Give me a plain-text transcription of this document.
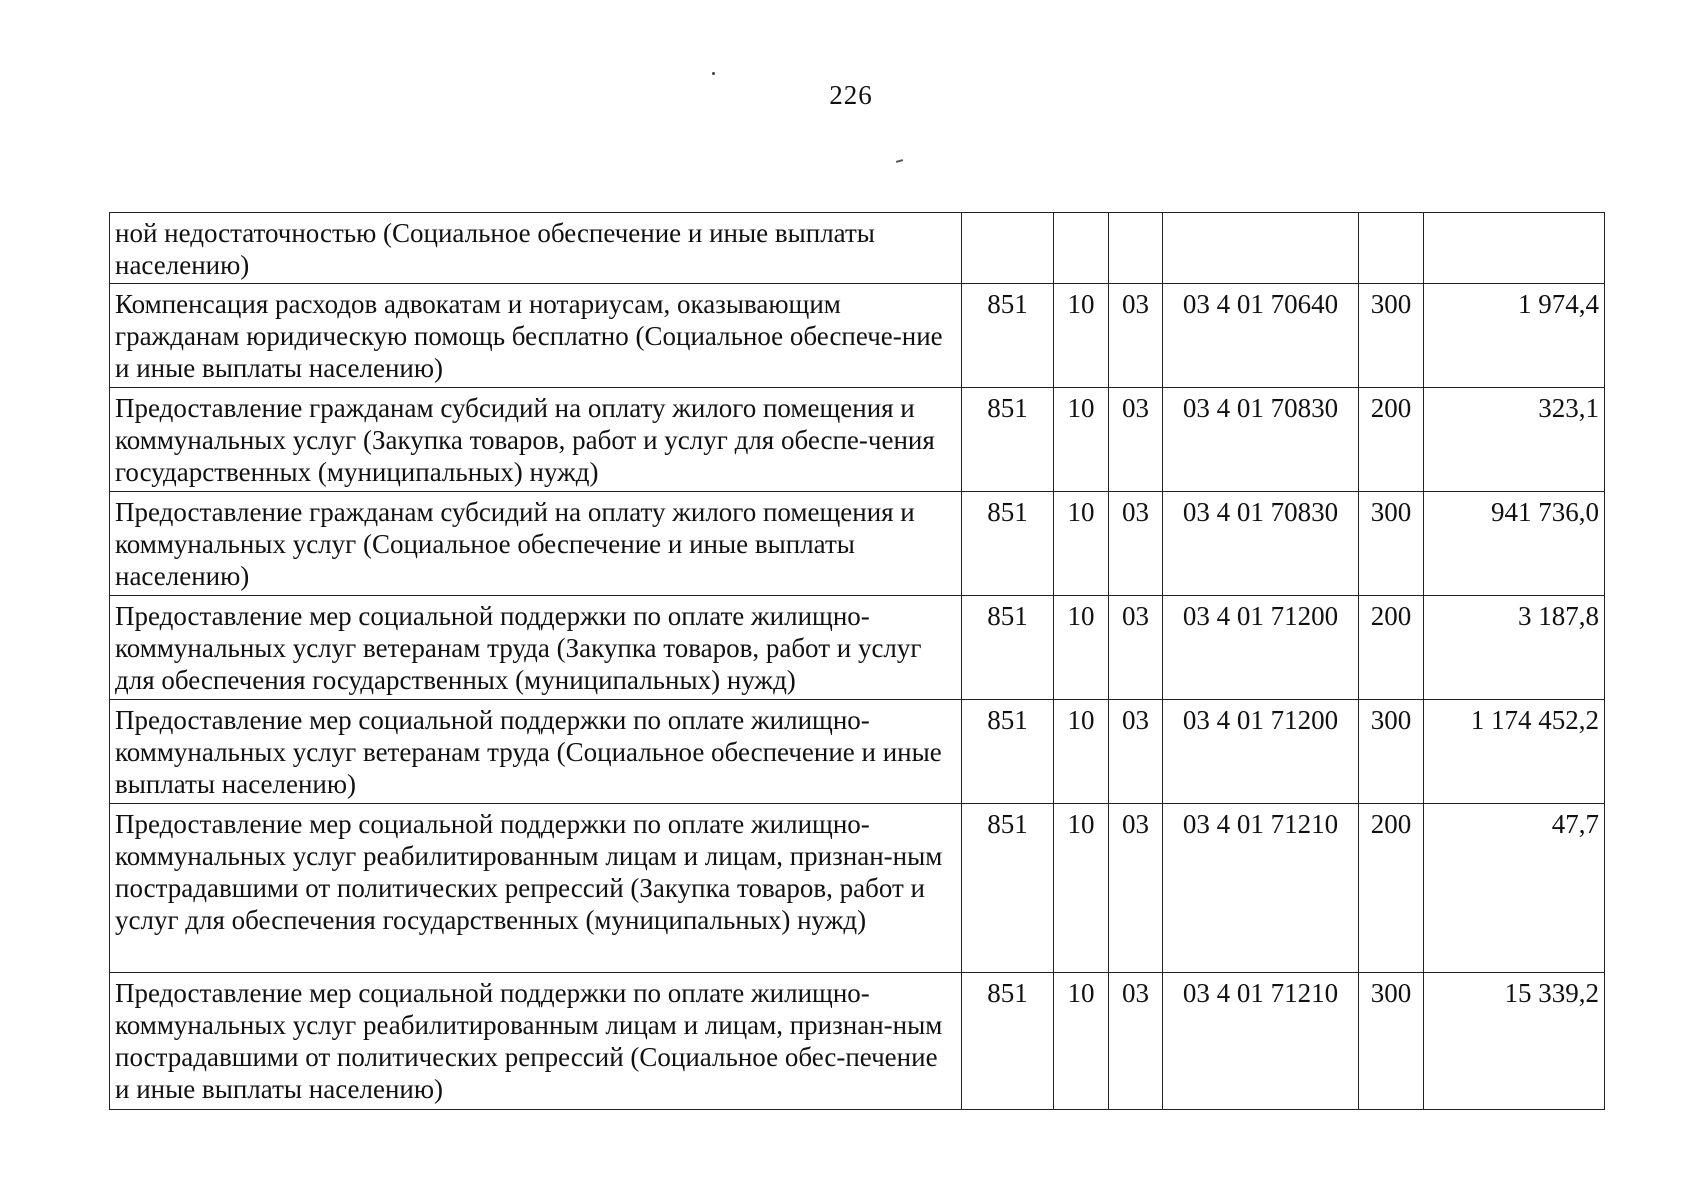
226
ной недостаточностью (Социальное обеспечение и иные выплаты населению)						
Компенсация расходов адвокатам и нотариусам, оказывающим гражданам юридическую помощь бесплатно (Социальное обеспече-ние и иные выплаты населению)	851	10	03	03 4 01 70640	300	1 974,4
Предоставление гражданам субсидий на оплату жилого помещения и коммунальных услуг (Закупка товаров, работ и услуг для обеспе-чения государственных (муниципальных) нужд)	851	10	03	03 4 01 70830	200	323,1
Предоставление гражданам субсидий на оплату жилого помещения и коммунальных услуг (Социальное обеспечение и иные выплаты населению)	851	10	03	03 4 01 70830	300	941 736,0
Предоставление мер социальной поддержки по оплате жилищно-коммунальных услуг ветеранам труда (Закупка товаров, работ и услуг для обеспечения государственных (муниципальных) нужд)	851	10	03	03 4 01 71200	200	3 187,8
Предоставление мер социальной поддержки по оплате жилищно-коммунальных услуг ветеранам труда (Социальное обеспечение и иные выплаты населению)	851	10	03	03 4 01 71200	300	1 174 452,2
Предоставление мер социальной поддержки по оплате жилищно-коммунальных услуг реабилитированным лицам и лицам, признан-ным пострадавшими от политических репрессий (Закупка товаров, работ и услуг для обеспечения государственных (муниципальных) нужд)	851	10	03	03 4 01 71210	200	47,7
Предоставление мер социальной поддержки по оплате жилищно-коммунальных услуг реабилитированным лицам и лицам, признан-ным пострадавшими от политических репрессий (Социальное обес-печение и иные выплаты населению)	851	10	03	03 4 01 71210	300	15 339,2
